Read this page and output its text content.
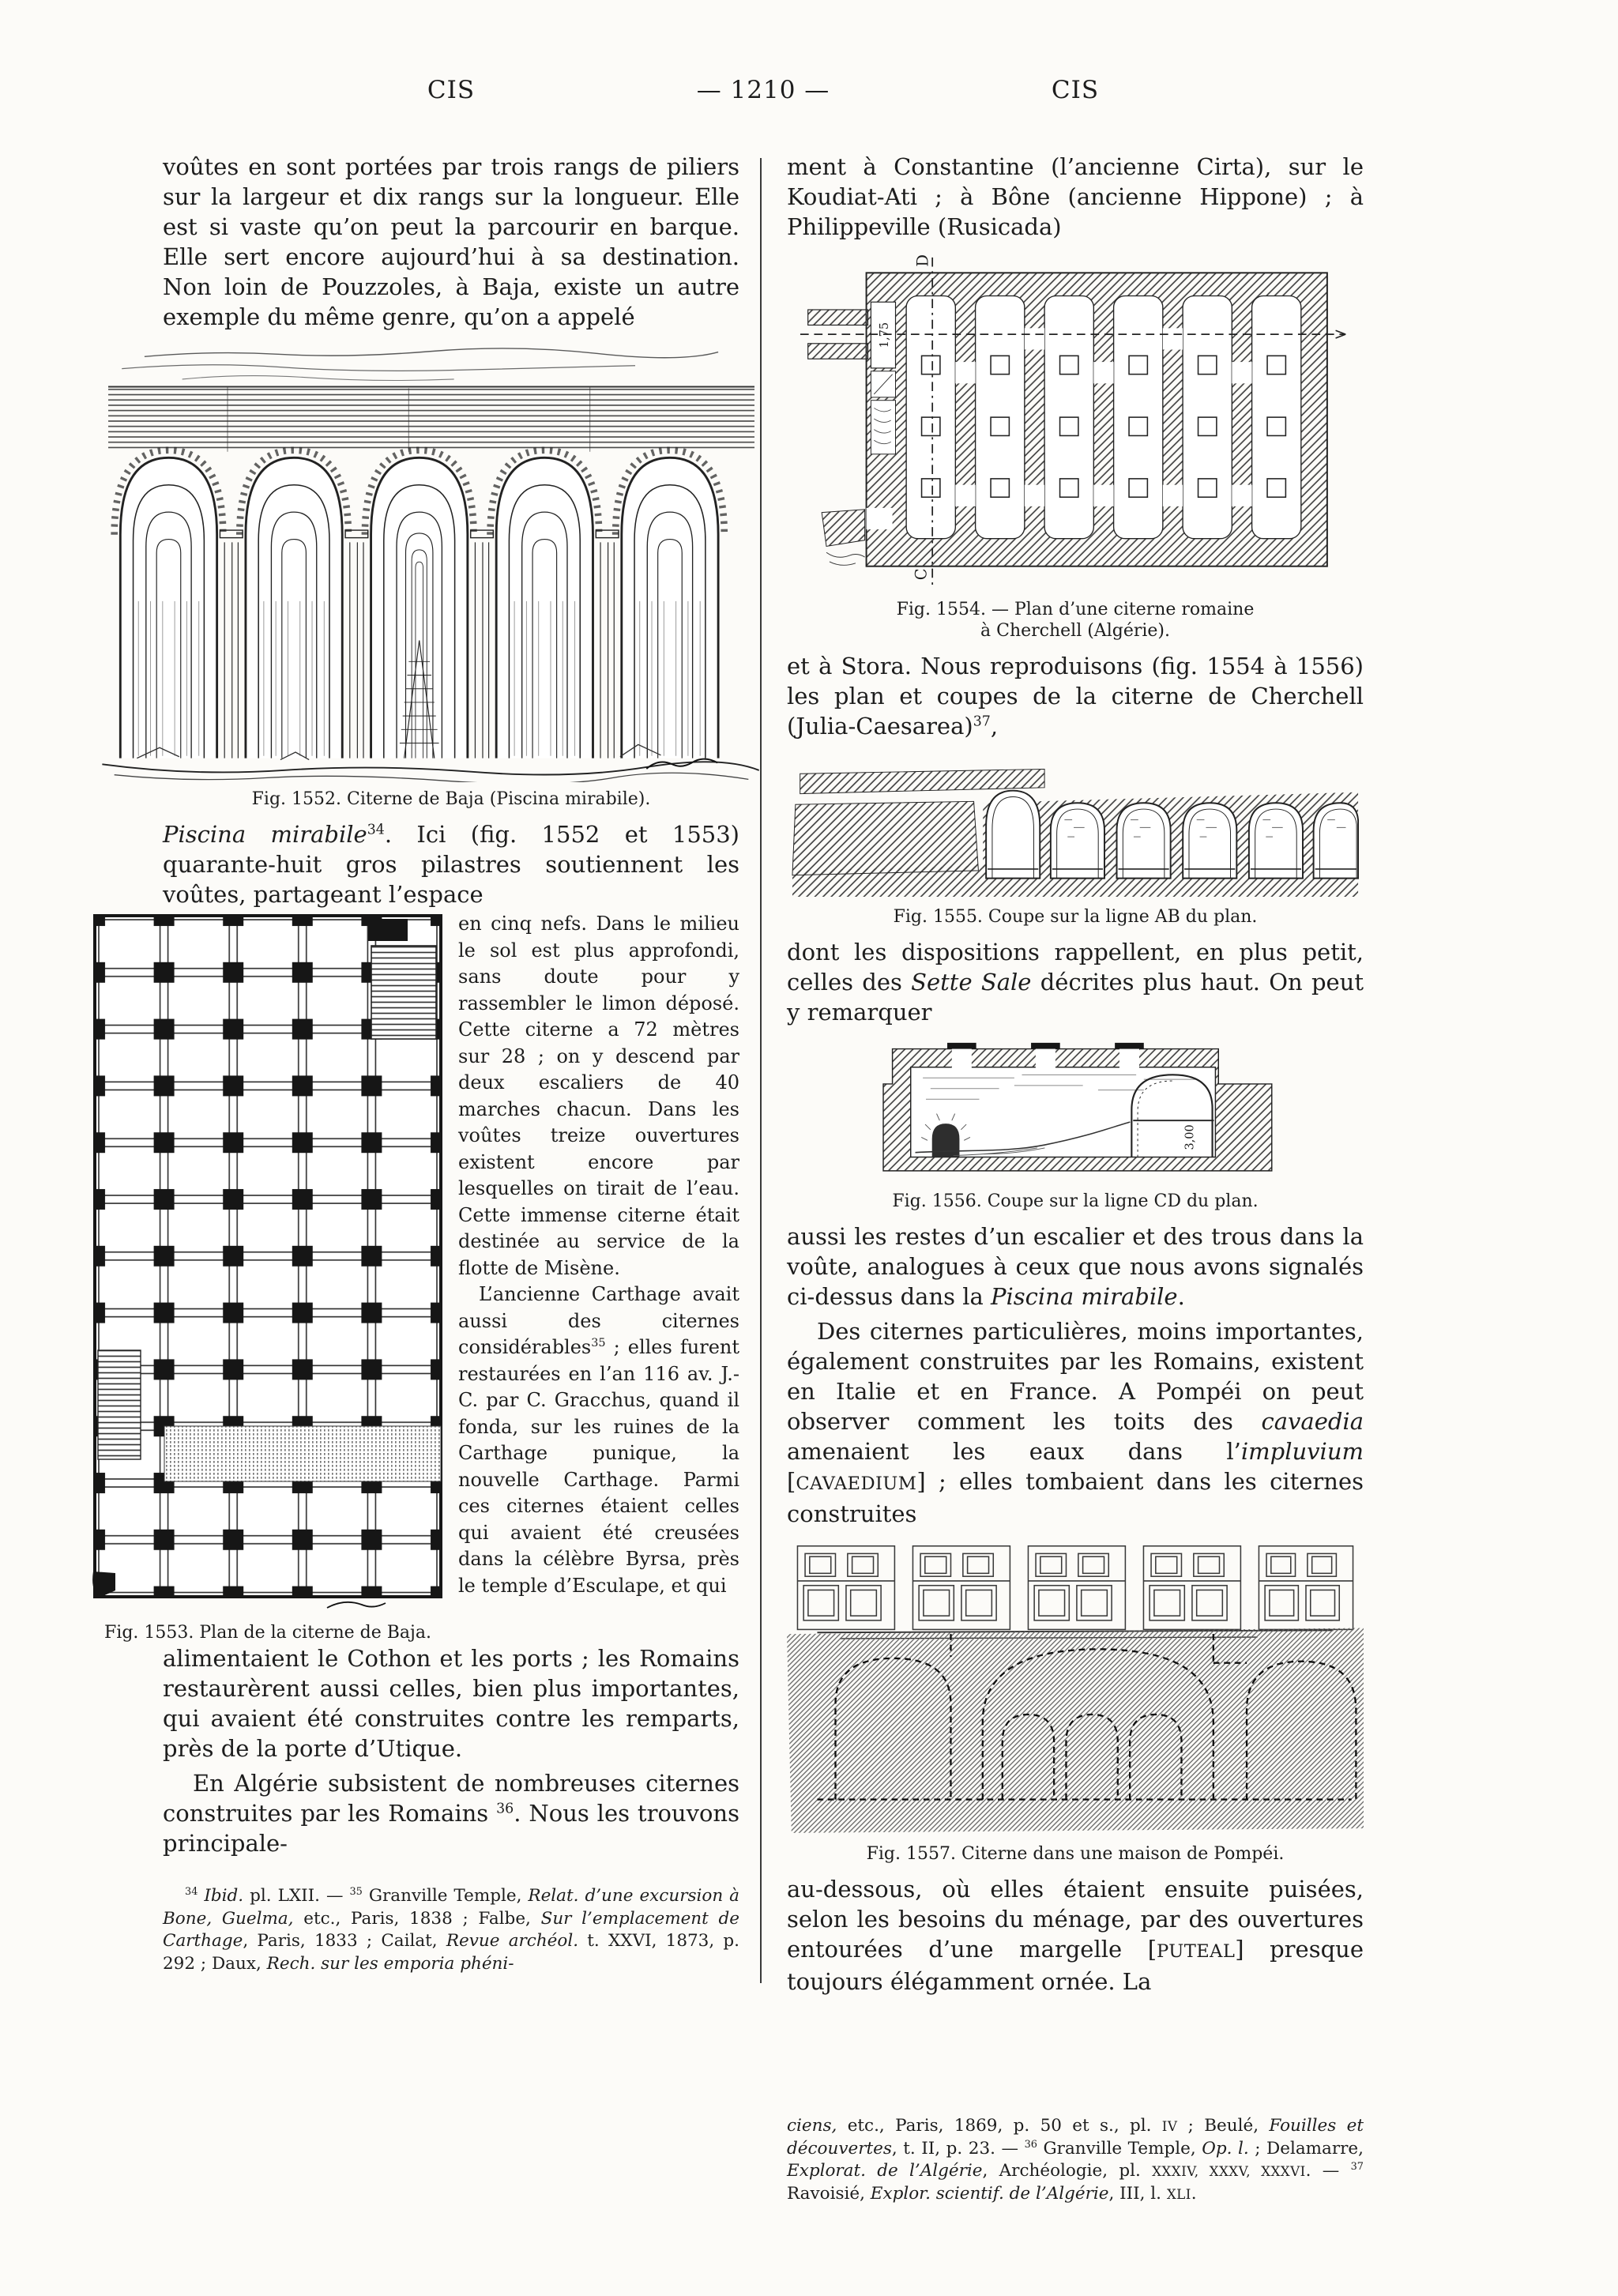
— 1210 —
CIS	CIS

voûtes en sont portées par trois rangs de piliers sur la largeur et dix rangs sur la longueur. Elle est si vaste qu’on peut la parcourir en barque. Elle sert encore aujourd’hui à sa destination. Non loin de Pouzzoles, à Baja, existe un autre exemple du même genre, qu’on a appelé

Fig. 1552. Citerne de Baja (Piscina mirabile).

Piscina mirabile$^{34}$. Ici (fig. 1552 et 1553) quarante-huit gros pilastres soutiennent les voûtes, partageant l’espace

Fig. 1553. Plan de la citerne de Baja.

en cinq nefs. Dans le milieu le sol est plus approfondi, sans doute pour y rassembler le limon déposé. Cette citerne a 72 mètres sur 28 ; on y descend par deux escaliers de 40 marches chacun. Dans les voûtes treize ouvertures existent encore par lesquelles on tirait de l’eau. Cette immense citerne était destinée au service de la flotte de Misène.

L’ancienne Carthage avait aussi des citernes considérables$^{35}$ ; elles furent restaurées en l’an 116 av. J.-C. par C. Gracchus, quand il fonda, sur les ruines de la Carthage punique, la nouvelle Carthage. Parmi ces citernes étaient celles qui avaient été creusées dans la célèbre Byrsa, près le temple d’Esculape, et qui

alimentaient le Cothon et les ports ; les Romains restaurèrent aussi celles, bien plus importantes, qui avaient été construites contre les remparts, près de la porte d’Utique.

En Algérie subsistent de nombreuses citernes construites par les Romains $^{36}$. Nous les trouvons principale-

$^{34}$ Ibid. pl. LXII. — $^{35}$ Granville Temple, Relat. d’une excursion à Bone, Guelma, etc., Paris, 1838 ; Falbe, Sur l’emplacement de Carthage, Paris, 1833 ; Cailat, Revue archéol. t. XXVI, 1873, p. 292 ; Daux, Rech. sur les emporia phéni-

ment à Constantine (l’ancienne Cirta), sur le Koudiat-Ati ; à Bône (ancienne Hippone) ; à Philippeville (Rusicada)

1,75
D
C
Fig. 1554. — Plan d’une citerne romaine
à Cherchell (Algérie).

et à Stora. Nous reproduisons (fig. 1554 à 1556) les plan et coupes de la citerne de Cherchell (Julia-Caesarea)$^{37}$,

Fig. 1555. Coupe sur la ligne AB du plan.

dont les dispositions rappellent, en plus petit, celles des Sette Sale décrites plus haut. On peut y remarquer

3,00
Fig. 1556. Coupe sur la ligne CD du plan.

aussi les restes d’un escalier et des trous dans la voûte, analogues à ceux que nous avons signalés ci-dessus dans la Piscina mirabile.

Des citernes particulières, moins importantes, également construites par les Romains, existent en Italie et en France. A Pompéi on peut observer comment les toits des cavaedia amenaient les eaux dans l’impluvium [CAVAEDIUM] ; elles tombaient dans les citernes construites

Fig. 1557. Citerne dans une maison de Pompéi.

au-dessous, où elles étaient ensuite puisées, selon les besoins du ménage, par des ouvertures entourées d’une margelle [PUTEAL] presque toujours élégamment ornée. La

ciens, etc., Paris, 1869, p. 50 et s., pl. IV ; Beulé, Fouilles et découvertes, t. II, p. 23. — $^{36}$ Granville Temple, Op. l. ; Delamarre, Explorat. de l’Algérie, Archéologie, pl. XXXIV, XXXV, XXXVI. — $^{37}$ Ravoisié, Explor. scientif. de l’Algérie, III, l. XLI.
